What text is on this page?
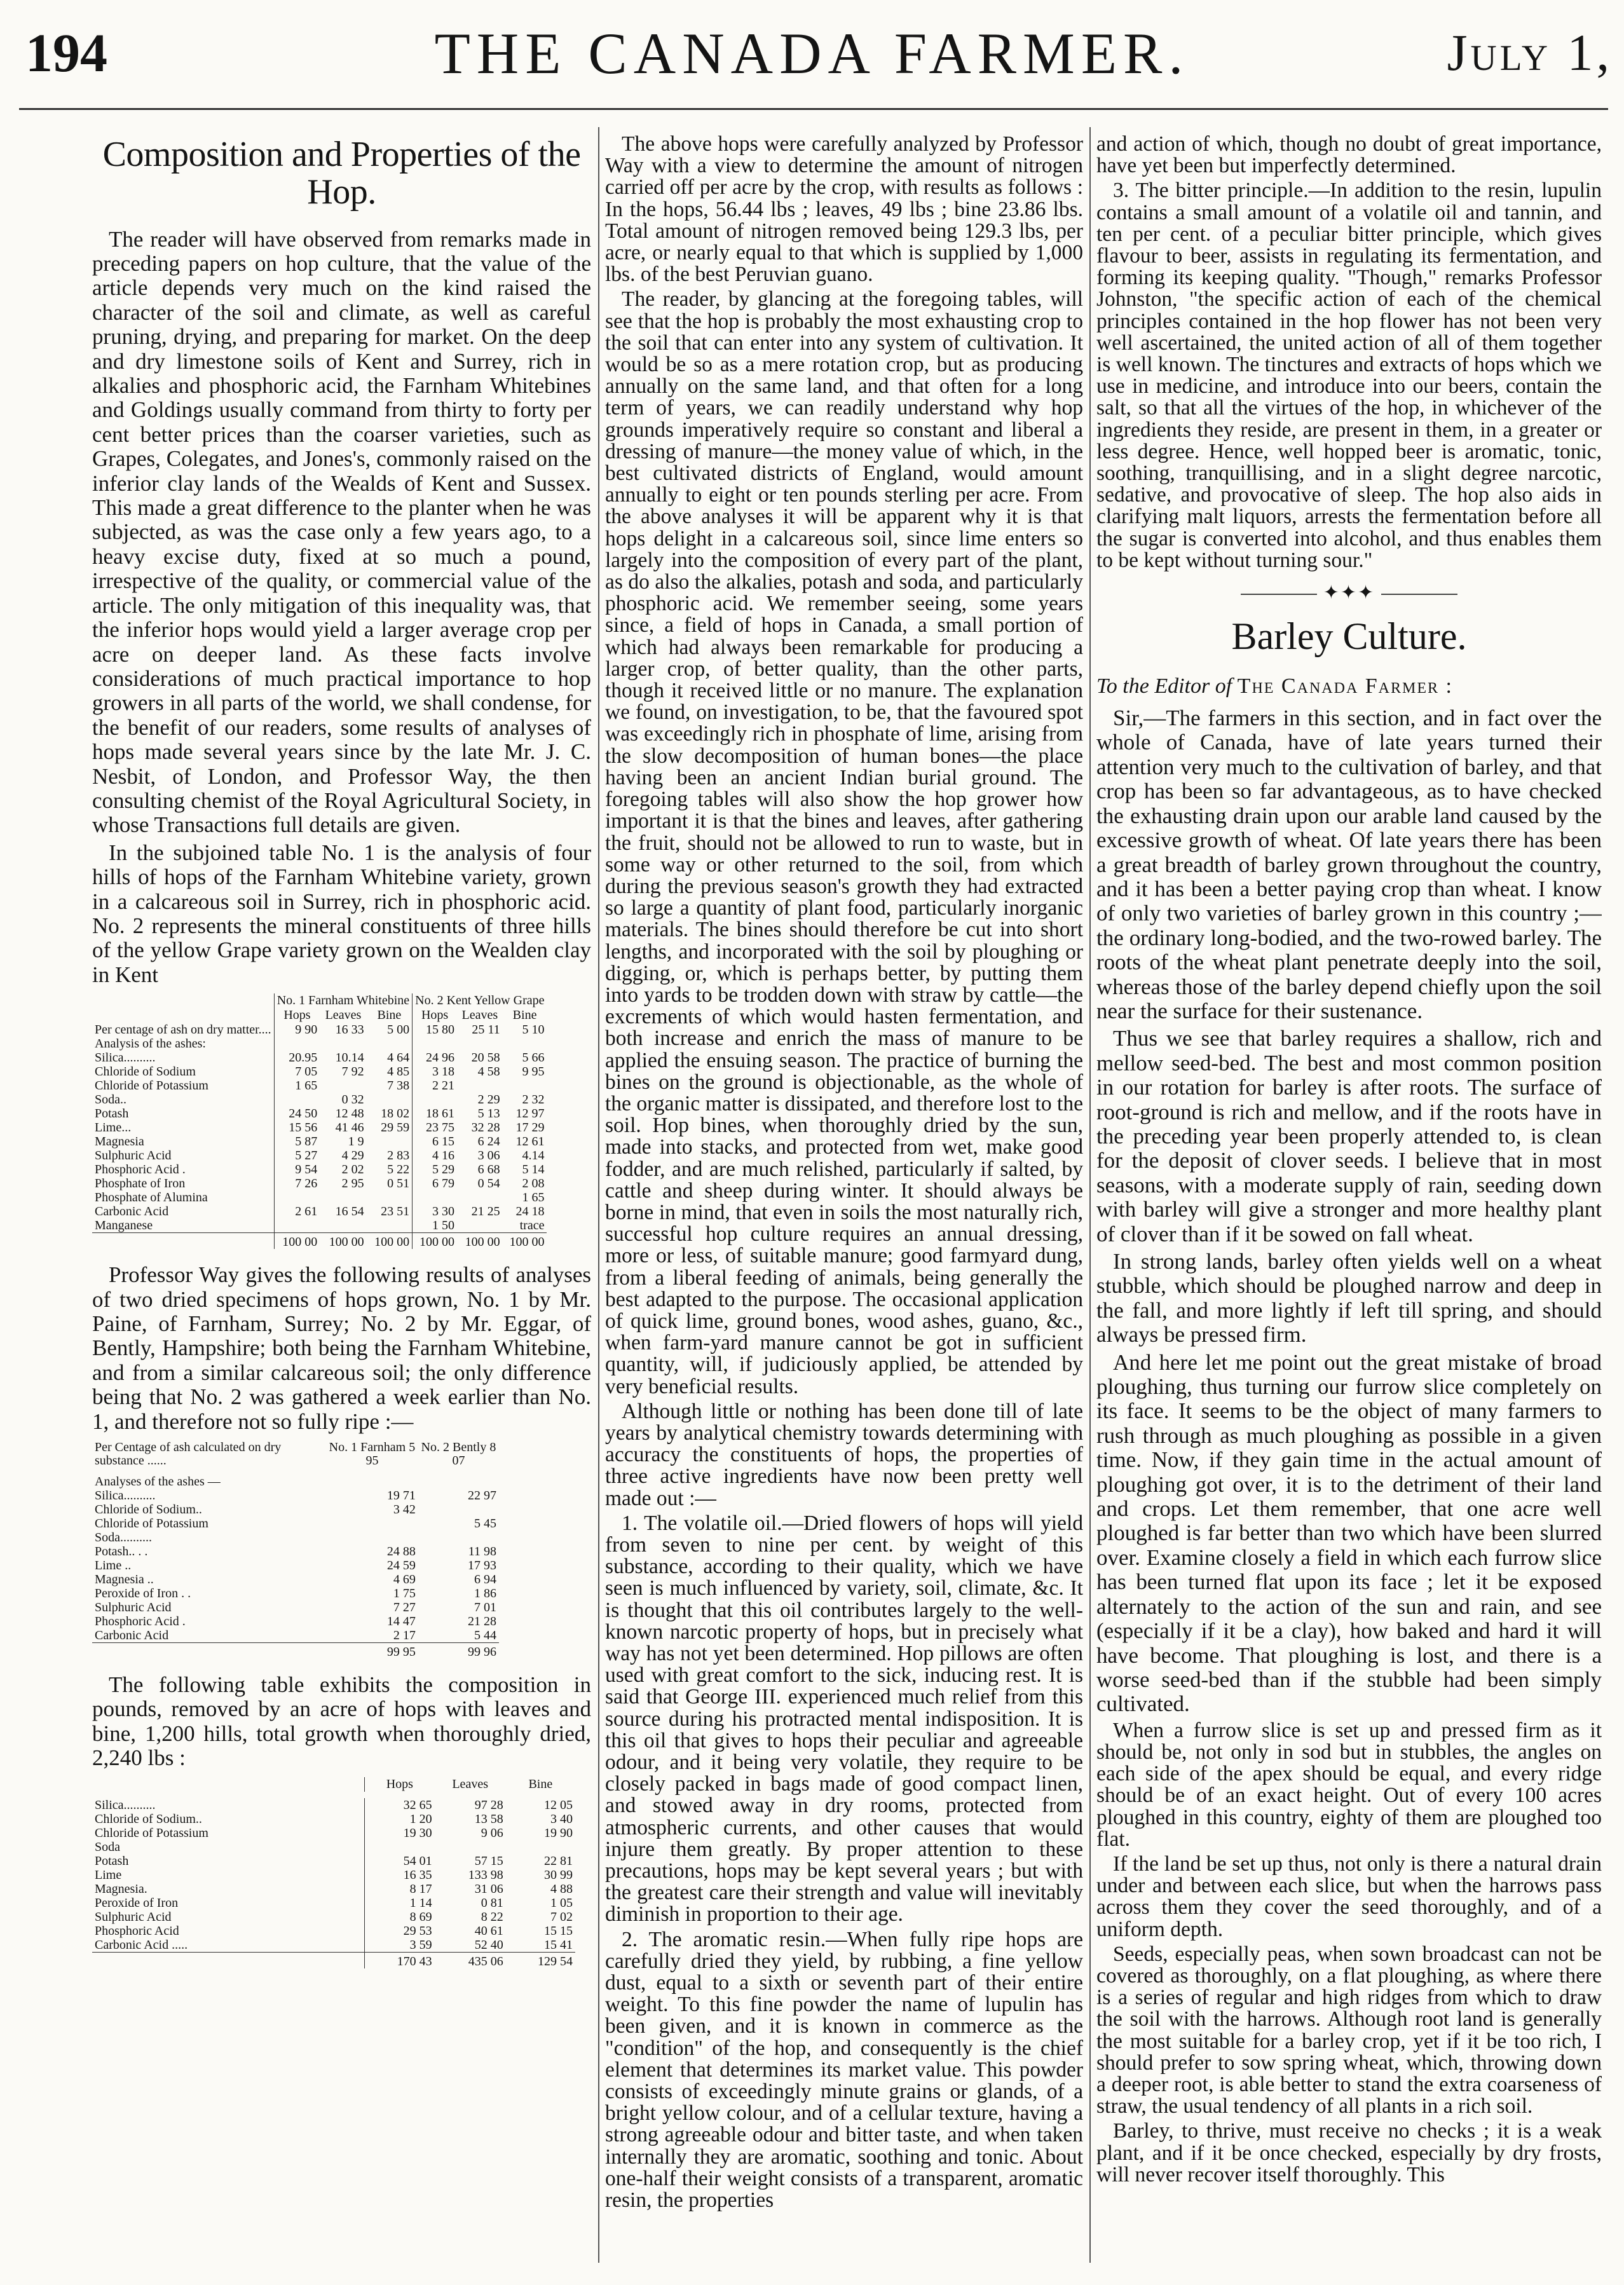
194	THE CANADA FARMER.	July 1,
Composition and Properties of the Hop.

The reader will have observed from remarks made in preceding papers on hop culture, that the value of the article depends very much on the kind raised the character of the soil and climate, as well as careful pruning, drying, and preparing for market. On the deep and dry limestone soils of Kent and Surrey, rich in alkalies and phosphoric acid, the Farnham Whitebines and Goldings usually command from thirty to forty per cent better prices than the coarser varieties, such as Grapes, Colegates, and Jones's, commonly raised on the inferior clay lands of the Wealds of Kent and Sussex. This made a great difference to the planter when he was subjected, as was the case only a few years ago, to a heavy excise duty, fixed at so much a pound, irrespective of the quality, or commercial value of the article. The only mitigation of this inequality was, that the inferior hops would yield a larger average crop per acre on deeper land. As these facts involve considerations of much practical importance to hop growers in all parts of the world, we shall condense, for the benefit of our readers, some results of analyses of hops made several years since by the late Mr. J. C. Nesbit, of London, and Professor Way, the then consulting chemist of the Royal Agricultural Society, in whose Transactions full details are given.

In the subjoined table No. 1 is the analysis of four hills of hops of the Farnham Whitebine variety, grown in a calcareous soil in Surrey, rich in phosphoric acid. No. 2 represents the mineral constituents of three hills of the yellow Grape variety grown on the Wealden clay in Kent

	No. 1 Farnham Whitebine			No. 2 Kent Yellow Grape		
	Hops	Leaves	Bine	Hops	Leaves	Bine
Per centage of ash on dry matter....	9 90	16 33	5 00	15 80	25 11	5 10
Analysis of the ashes:						
Silica..........	20.95	10.14	4 64	24 96	20 58	5 66
Chloride of Sodium	7 05	7 92	4 85	3 18	4 58	9 95
Chloride of Potassium	1 65		7 38	2 21		
Soda..		0 32			2 29	2 32
Potash	24 50	12 48	18 02	18 61	5 13	12 97
Lime...	15 56	41 46	29 59	23 75	32 28	17 29
Magnesia	5 87	1 9		6 15	6 24	12 61
Sulphuric Acid	5 27	4 29	2 83	4 16	3 06	4.14
Phosphoric Acid .	9 54	2 02	5 22	5 29	6 68	5 14
Phosphate of Iron	7 26	2 95	0 51	6 79	0 54	2 08
Phosphate of Alumina						1 65
Carbonic Acid	2 61	16 54	23 51	3 30	21 25	24 18
Manganese				1 50		trace
	100 00	100 00	100 00	100 00	100 00	100 00

Professor Way gives the following results of analyses of two dried specimens of hops grown, No. 1 by Mr. Paine, of Farnham, Surrey; No. 2 by Mr. Eggar, of Bently, Hampshire; both being the Farnham Whitebine, and from a similar calcareous soil; the only difference being that No. 2 was gathered a week earlier than No. 1, and therefore not so fully ripe :—

Per Centage of ash calculated on dry substance ......	No. 1 Farnham 5 95	No. 2 Bently 8 07

Analyses of the ashes —		
Silica..........	19 71	22 97
Chloride of Sodium..	3 42	
Chloride of Potassium		5 45
Soda..........		
Potash.. . .	24 88	11 98
Lime ..	24 59	17 93
Magnesia ..	4 69	6 94
Peroxide of Iron . .	1 75	1 86
Sulphuric Acid	7 27	7 01
Phosphoric Acid .	14 47	21 28
Carbonic Acid	2 17	5 44
	99 95	99 96

The following table exhibits the composition in pounds, removed by an acre of hops with leaves and bine, 1,200 hills, total growth when thoroughly dried, 2,240 lbs :

	Hops	Leaves	Bine

Silica..........	32 65	97 28	12 05
Chloride of Sodium..	1 20	13 58	3 40
Chloride of Potassium	19 30	9 06	19 90
Soda			
Potash	54 01	57 15	22 81
Lime	16 35	133 98	30 99
Magnesia.	8 17	31 06	4 88
Peroxide of Iron	1 14	0 81	1 05
Sulphuric Acid	8 69	8 22	7 02
Phosphoric Acid	29 53	40 61	15 15
Carbonic Acid .....	3 59	52 40	15 41
	170 43	435 06	129 54

The above hops were carefully analyzed by Professor Way with a view to determine the amount of nitrogen carried off per acre by the crop, with results as follows : In the hops, 56.44 lbs ; leaves, 49 lbs ; bine 23.86 lbs. Total amount of nitrogen removed being 129.3 lbs, per acre, or nearly equal to that which is supplied by 1,000 lbs. of the best Peruvian guano.

The reader, by glancing at the foregoing tables, will see that the hop is probably the most exhausting crop to the soil that can enter into any system of cultivation. It would be so as a mere rotation crop, but as producing annually on the same land, and that often for a long term of years, we can readily understand why hop grounds imperatively require so constant and liberal a dressing of manure—the money value of which, in the best cultivated districts of England, would amount annually to eight or ten pounds sterling per acre. From the above analyses it will be apparent why it is that hops delight in a calcareous soil, since lime enters so largely into the composition of every part of the plant, as do also the alkalies, potash and soda, and particularly phosphoric acid. We remember seeing, some years since, a field of hops in Canada, a small portion of which had always been remarkable for producing a larger crop, of better quality, than the other parts, though it received little or no manure. The explanation we found, on investigation, to be, that the favoured spot was exceedingly rich in phosphate of lime, arising from the slow decomposition of human bones—the place having been an ancient Indian burial ground. The foregoing tables will also show the hop grower how important it is that the bines and leaves, after gathering the fruit, should not be allowed to run to waste, but in some way or other returned to the soil, from which during the previous season's growth they had extracted so large a quantity of plant food, particularly inorganic materials. The bines should therefore be cut into short lengths, and incorporated with the soil by ploughing or digging, or, which is perhaps better, by putting them into yards to be trodden down with straw by cattle—the excrements of which would hasten fermentation, and both increase and enrich the mass of manure to be applied the ensuing season. The practice of burning the bines on the ground is objectionable, as the whole of the organic matter is dissipated, and therefore lost to the soil. Hop bines, when thoroughly dried by the sun, made into stacks, and protected from wet, make good fodder, and are much relished, particularly if salted, by cattle and sheep during winter. It should always be borne in mind, that even in soils the most naturally rich, successful hop culture requires an annual dressing, more or less, of suitable manure; good farmyard dung, from a liberal feeding of animals, being generally the best adapted to the purpose. The occasional application of quick lime, ground bones, wood ashes, guano, &c., when farm-yard manure cannot be got in sufficient quantity, will, if judiciously applied, be attended by very beneficial results.

Although little or nothing has been done till of late years by analytical chemistry towards determining with accuracy the constituents of hops, the properties of three active ingredients have now been pretty well made out :—

1. The volatile oil.—Dried flowers of hops will yield from seven to nine per cent. by weight of this substance, according to their quality, which we have seen is much influenced by variety, soil, climate, &c. It is thought that this oil contributes largely to the well-known narcotic property of hops, but in precisely what way has not yet been determined. Hop pillows are often used with great comfort to the sick, inducing rest. It is said that George III. experienced much relief from this source during his protracted mental indisposition. It is this oil that gives to hops their peculiar and agreeable odour, and it being very volatile, they require to be closely packed in bags made of good compact linen, and stowed away in dry rooms, protected from atmospheric currents, and other causes that would injure them greatly. By proper attention to these precautions, hops may be kept several years ; but with the greatest care their strength and value will inevitably diminish in proportion to their age.

2. The aromatic resin.—When fully ripe hops are carefully dried they yield, by rubbing, a fine yellow dust, equal to a sixth or seventh part of their entire weight. To this fine powder the name of lupulin has been given, and it is known in commerce as the "condition" of the hop, and consequently is the chief element that determines its market value. This powder consists of exceedingly minute grains or glands, of a bright yellow colour, and of a cellular texture, having a strong agreeable odour and bitter taste, and when taken internally they are aromatic, soothing and tonic. About one-half their weight consists of a transparent, aromatic resin, the properties

and action of which, though no doubt of great importance, have yet been but imperfectly determined.

3. The bitter principle.—In addition to the resin, lupulin contains a small amount of a volatile oil and tannin, and ten per cent. of a peculiar bitter principle, which gives flavour to beer, assists in regulating its fermentation, and forming its keeping quality. "Though," remarks Professor Johnston, "the specific action of each of the chemical principles contained in the hop flower has not been very well ascertained, the united action of all of them together is well known. The tinctures and extracts of hops which we use in medicine, and introduce into our beers, contain the salt, so that all the virtues of the hop, in whichever of the ingredients they reside, are present in them, in a greater or less degree. Hence, well hopped beer is aromatic, tonic, soothing, tranquillising, and in a slight degree narcotic, sedative, and provocative of sleep. The hop also aids in clarifying malt liquors, arrests the fermentation before all the sugar is converted into alcohol, and thus enables them to be kept without turning sour."

✦✦✦
Barley Culture.
To the Editor of The Canada Farmer :

Sir,—The farmers in this section, and in fact over the whole of Canada, have of late years turned their attention very much to the cultivation of barley, and that crop has been so far advantageous, as to have checked the exhausting drain upon our arable land caused by the excessive growth of wheat. Of late years there has been a great breadth of barley grown throughout the country, and it has been a better paying crop than wheat. I know of only two varieties of barley grown in this country ;—the ordinary long-bodied, and the two-rowed barley. The roots of the wheat plant penetrate deeply into the soil, whereas those of the barley depend chiefly upon the soil near the surface for their sustenance.

Thus we see that barley requires a shallow, rich and mellow seed-bed. The best and most common position in our rotation for barley is after roots. The surface of root-ground is rich and mellow, and if the roots have in the preceding year been properly attended to, is clean for the deposit of clover seeds. I believe that in most seasons, with a moderate supply of rain, seeding down with barley will give a stronger and more healthy plant of clover than if it be sowed on fall wheat.

In strong lands, barley often yields well on a wheat stubble, which should be ploughed narrow and deep in the fall, and more lightly if left till spring, and should always be pressed firm.

And here let me point out the great mistake of broad ploughing, thus turning our furrow slice completely on its face. It seems to be the object of many farmers to rush through as much ploughing as possible in a given time. Now, if they gain time in the actual amount of ploughing got over, it is to the detriment of their land and crops. Let them remember, that one acre well ploughed is far better than two which have been slurred over. Examine closely a field in which each furrow slice has been turned flat upon its face ; let it be exposed alternately to the action of the sun and rain, and see (especially if it be a clay), how baked and hard it will have become. That ploughing is lost, and there is a worse seed-bed than if the stubble had been simply cultivated.

When a furrow slice is set up and pressed firm as it should be, not only in sod but in stubbles, the angles on each side of the apex should be equal, and every ridge should be of an exact height. Out of every 100 acres ploughed in this country, eighty of them are ploughed too flat.

If the land be set up thus, not only is there a natural drain under and between each slice, but when the harrows pass across them they cover the seed thoroughly, and of a uniform depth.

Seeds, especially peas, when sown broadcast can not be covered as thoroughly, on a flat ploughing, as where there is a series of regular and high ridges from which to draw the soil with the harrows. Although root land is generally the most suitable for a barley crop, yet if it be too rich, I should prefer to sow spring wheat, which, throwing down a deeper root, is able better to stand the extra coarseness of straw, the usual tendency of all plants in a rich soil.

Barley, to thrive, must receive no checks ; it is a weak plant, and if it be once checked, especially by dry frosts, will never recover itself thoroughly. This
